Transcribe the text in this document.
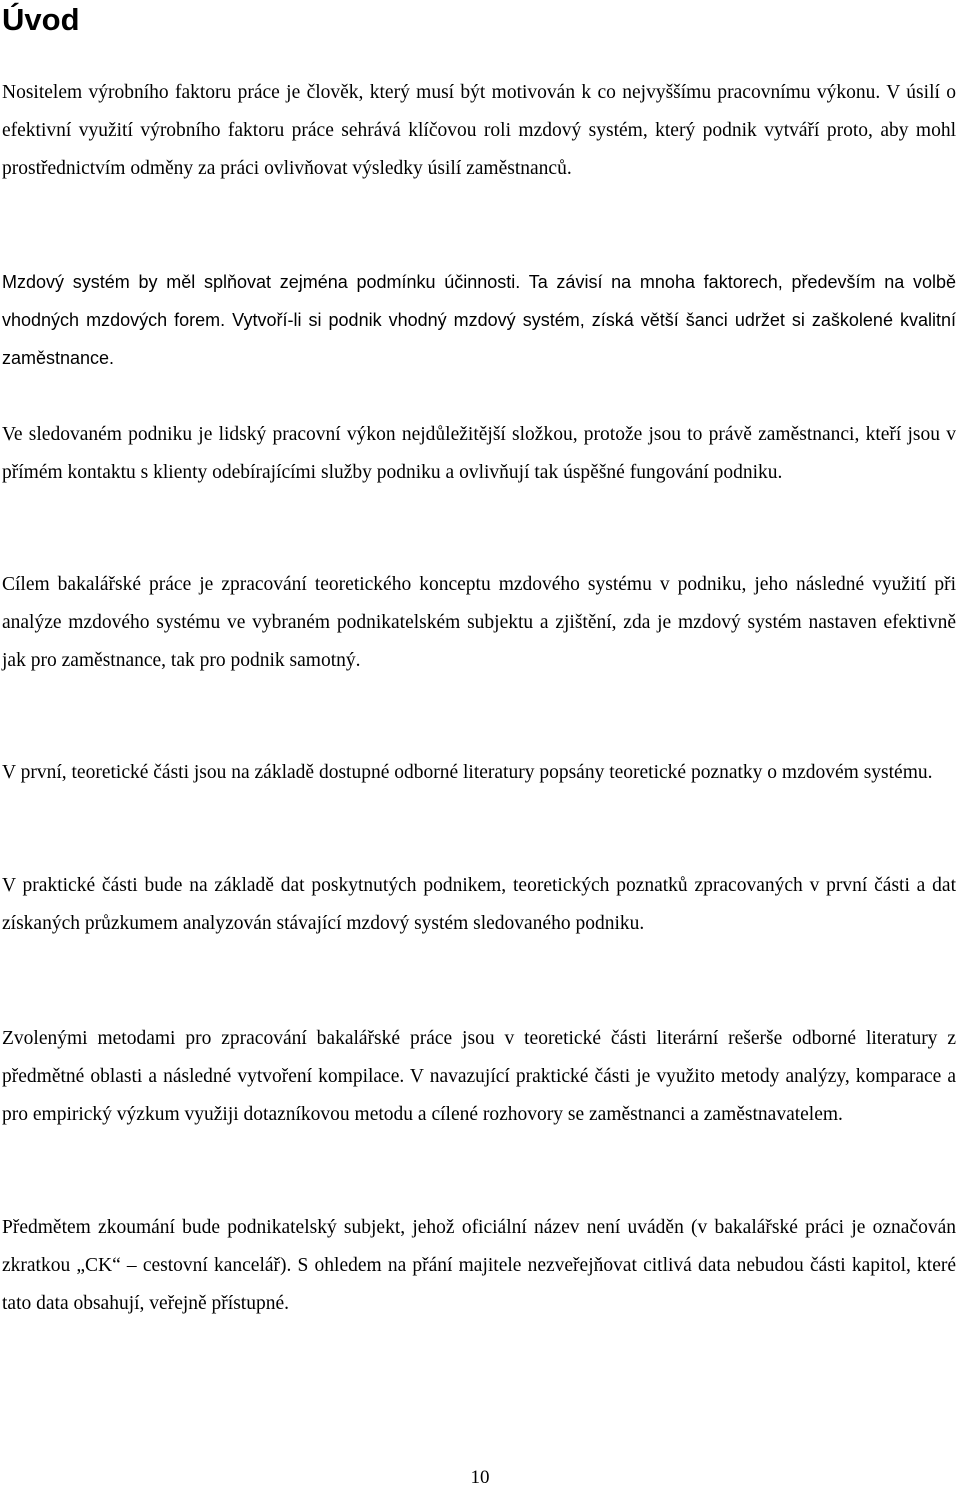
Úvod

Nositelem výrobního faktoru práce je člověk, který musí být motivován k co nejvyššímu pracovnímu výkonu. V úsilí o efektivní využití výrobního faktoru práce sehrává klíčovou roli mzdový systém, který podnik vytváří proto, aby mohl prostřednictvím odměny za práci ovlivňovat výsledky úsilí zaměstnanců.

Mzdový systém by měl splňovat zejména podmínku účinnosti. Ta závisí na mnoha faktorech, především na volbě vhodných mzdových forem. Vytvoří-li si podnik vhodný mzdový systém, získá větší šanci udržet si zaškolené kvalitní zaměstnance.

Ve sledovaném podniku je lidský pracovní výkon nejdůležitější složkou, protože jsou to právě zaměstnanci, kteří jsou v přímém kontaktu s klienty odebírajícími služby podniku a ovlivňují tak úspěšné fungování podniku.

Cílem bakalářské práce je zpracování teoretického konceptu mzdového systému v podniku, jeho následné využití při analýze mzdového systému ve vybraném podnikatelském subjektu a zjištění, zda je mzdový systém nastaven efektivně jak pro zaměstnance, tak pro podnik samotný.

V první, teoretické části jsou na základě dostupné odborné literatury popsány teoretické poznatky o mzdovém systému.

V praktické části bude na základě dat poskytnutých podnikem, teoretických poznatků zpracovaných v první části a dat získaných průzkumem analyzován stávající mzdový systém sledovaného podniku.

Zvolenými metodami pro zpracování bakalářské práce jsou v teoretické části literární rešerše odborné literatury z předmětné oblasti a následné vytvoření kompilace. V navazující praktické části je využito metody analýzy, komparace a pro empirický výzkum využiji dotazníkovou metodu a cílené rozhovory se zaměstnanci a zaměstnavatelem.

Předmětem zkoumání bude podnikatelský subjekt, jehož oficiální název není uváděn (v bakalářské práci je označován zkratkou „CK“ – cestovní kancelář). S ohledem na přání majitele nezveřejňovat citlivá data nebudou části kapitol, které tato data obsahují, veřejně přístupné.

10
